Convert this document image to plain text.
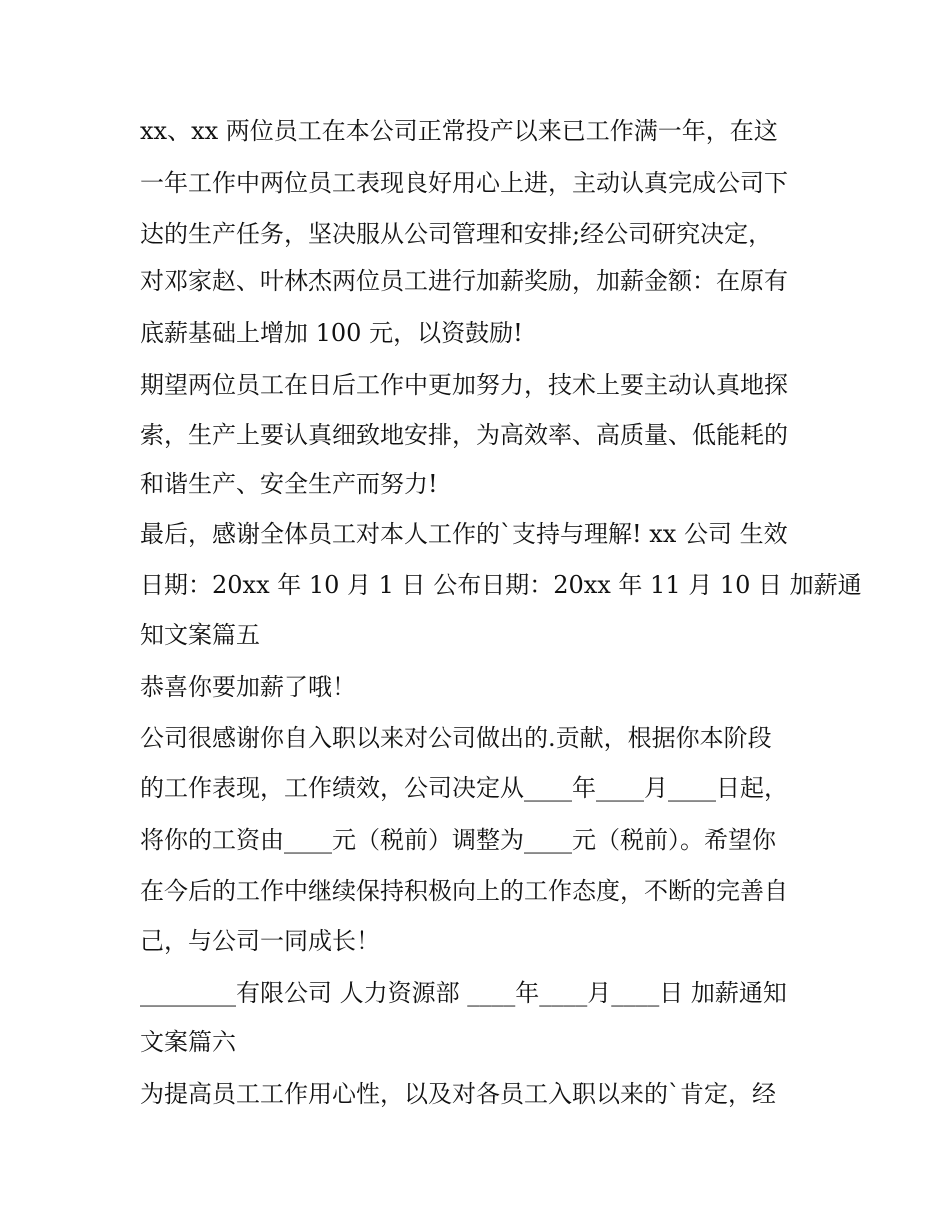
xx、xx 两位员工在本公司正常投产以来已工作满一年，在这
一年工作中两位员工表现良好用心上进，主动认真完成公司下
达的生产任务，坚决服从公司管理和安排;经公司研究决定，
对邓家赵、叶林杰两位员工进行加薪奖励，加薪金额：在原有
底薪基础上增加 100 元，以资鼓励!
期望两位员工在日后工作中更加努力，技术上要主动认真地探
索，生产上要认真细致地安排，为高效率、高质量、低能耗的
和谐生产、安全生产而努力!
最后，感谢全体员工对本人工作的`支持与理解! xx 公司 生效
日期：20xx 年 10 月 1 日 公布日期：20xx 年 11 月 10 日 加薪通
知文案篇五
恭喜你要加薪了哦！
公司很感谢你自入职以来对公司做出的.贡献，根据你本阶段
的工作表现，工作绩效，公司决定从____年____月____日起，
将你的工资由____元（税前）调整为____元（税前）。希望你
在今后的工作中继续保持积极向上的工作态度，不断的完善自
己，与公司一同成长！
________有限公司 人力资源部 ____年____月____日 加薪通知
文案篇六
为提高员工工作用心性，以及对各员工入职以来的`肯定，经
